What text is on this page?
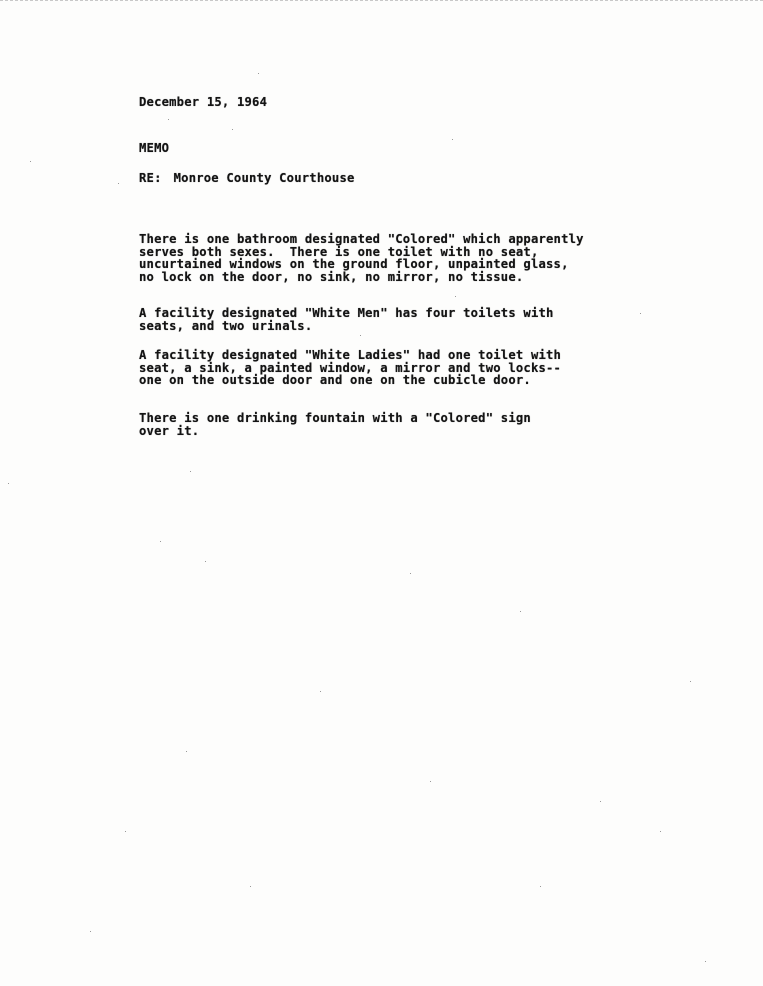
December 15, 1964
MEMO
RE: Monroe County Courthouse
There is one bathroom designated "Colored" which apparently
serves both sexes.  There is one toilet with no seat,
uncurtained windows on the ground floor, unpainted glass,
no lock on the door, no sink, no mirror, no tissue.
A facility designated "White Men" has four toilets with
seats, and two urinals.
A facility designated "White Ladies" had one toilet with
seat, a sink, a painted window, a mirror and two locks--
one on the outside door and one on the cubicle door.
There is one drinking fountain with a "Colored" sign
over it.
